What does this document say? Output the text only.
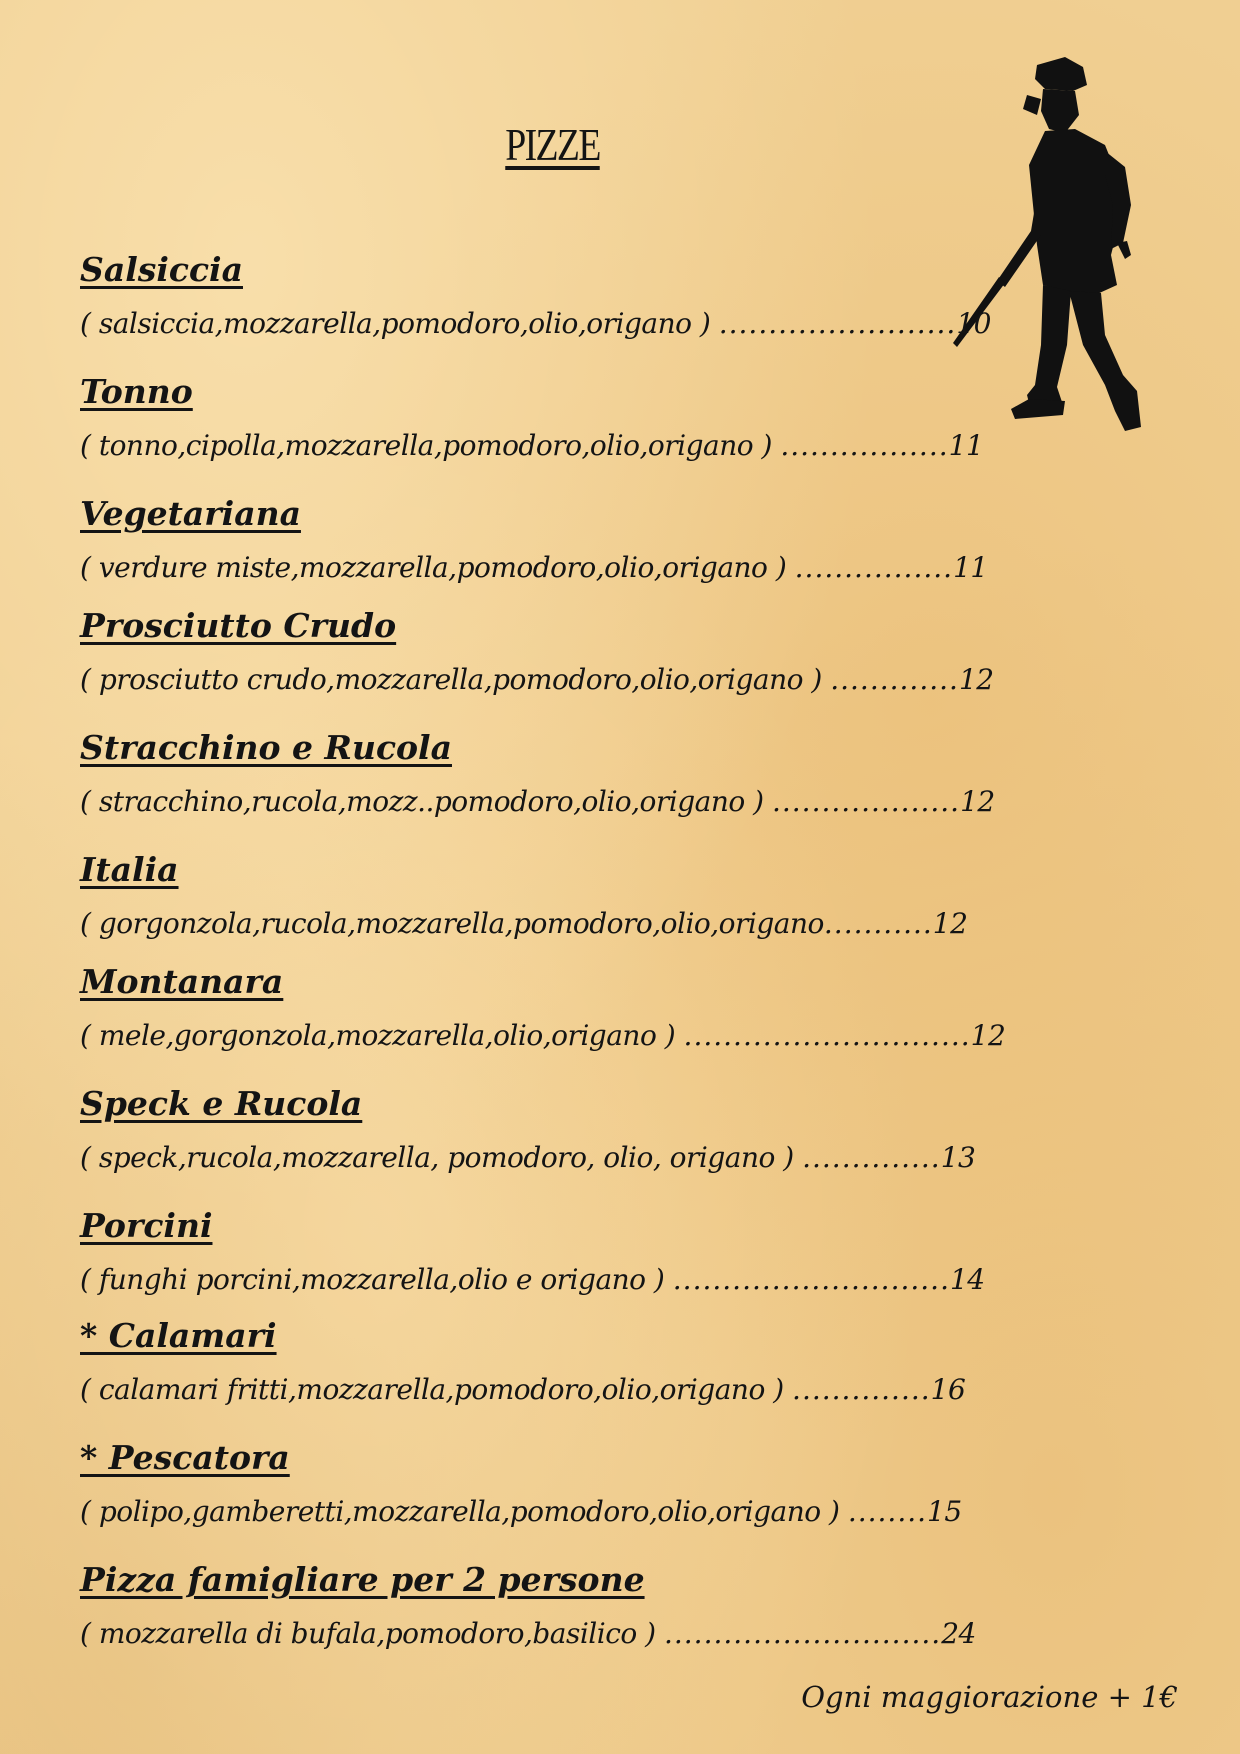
PIZZE
Salsiccia
( salsiccia,mozzarella,pomodoro,olio,origano ) ........................10
Tonno
( tonno,cipolla,mozzarella,pomodoro,olio,origano ) .................11
Vegetariana
( verdure miste,mozzarella,pomodoro,olio,origano ) ................11
Prosciutto Crudo
( prosciutto crudo,mozzarella,pomodoro,olio,origano ) .............12
Stracchino e Rucola
( stracchino,rucola,mozz..pomodoro,olio,origano ) ...................12
Italia
( gorgonzola,rucola,mozzarella,pomodoro,olio,origano...........12
Montanara
( mele,gorgonzola,mozzarella,olio,origano ) .............................12
Speck e Rucola
( speck,rucola,mozzarella, pomodoro, olio, origano ) ..............13
Porcini
( funghi porcini,mozzarella,olio e origano ) ............................14
* Calamari
( calamari fritti,mozzarella,pomodoro,olio,origano ) ..............16
* Pescatora
( polipo,gamberetti,mozzarella,pomodoro,olio,origano ) ........15
Pizza famigliare per 2 persone
( mozzarella di bufala,pomodoro,basilico ) ............................24
Ogni maggiorazione + 1€
